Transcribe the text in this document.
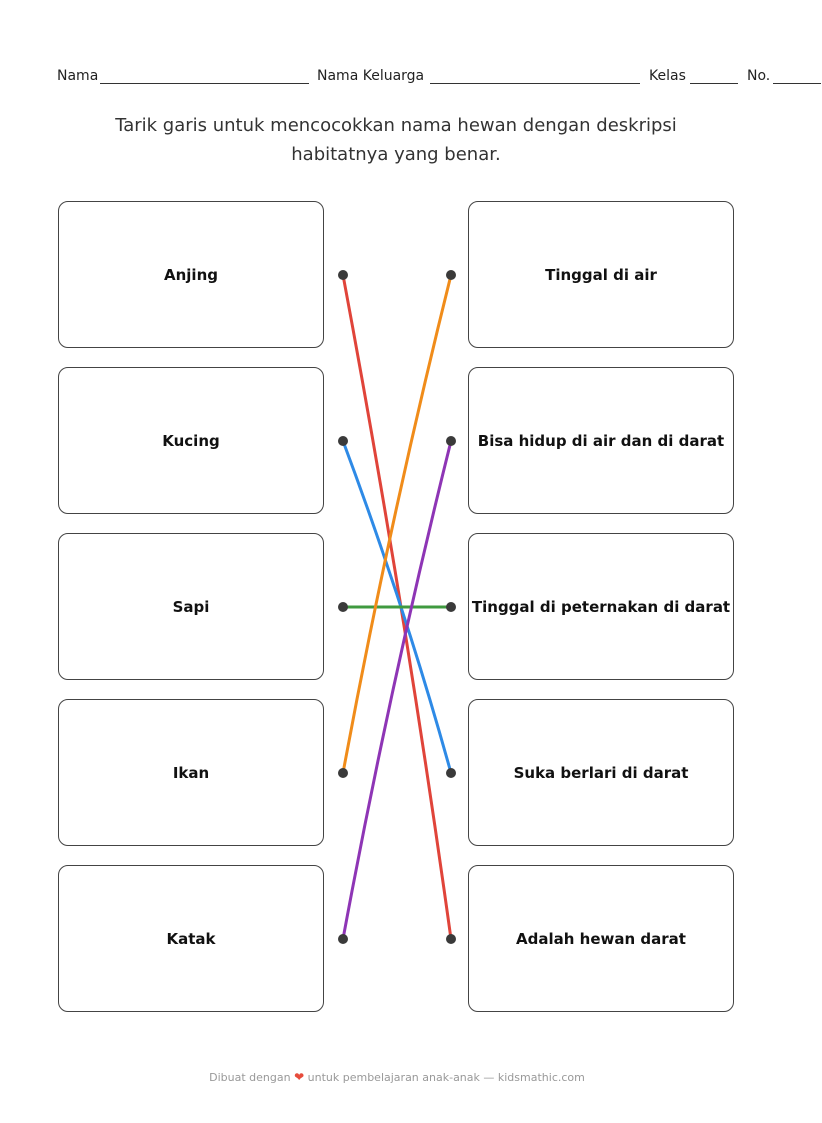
Nama	Nama Keluarga	Kelas	No.
Tarik garis untuk mencocokkan nama hewan dengan deskripsi
habitatnya yang benar.
Anjing
Kucing
Sapi
Ikan
Katak
Tinggal di air
Bisa hidup di air dan di darat
Tinggal di peternakan di darat
Suka berlari di darat
Adalah hewan darat
Dibuat dengan ❤ untuk pembelajaran anak-anak — kidsmathic.com
